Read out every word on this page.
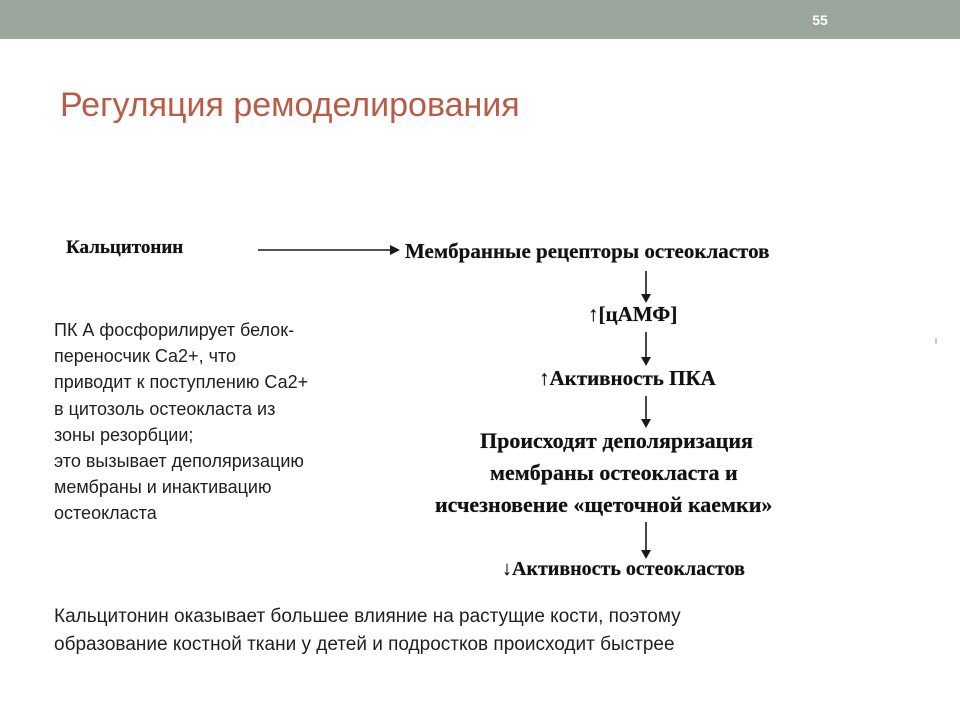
55
Регуляция ремоделирования
Кальцитонин	Мембранные рецепторы остеокластов
↑[цАМФ]
↑Активность ПКА
Происходят деполяризация
мембраны остеокласта и
исчезновение «щеточной каемки»
↓Активность остеокластов
ПК А фосфорилирует белок-
переносчик Са2+, что
приводит к поступлению Са2+
в цитозоль остеокласта из
зоны резорбции;
это вызывает деполяризацию
мембраны и инактивацию
остеокласта
Кальцитонин оказывает большее влияние на растущие кости, поэтому
образование костной ткани у детей и подростков происходит быстрее
